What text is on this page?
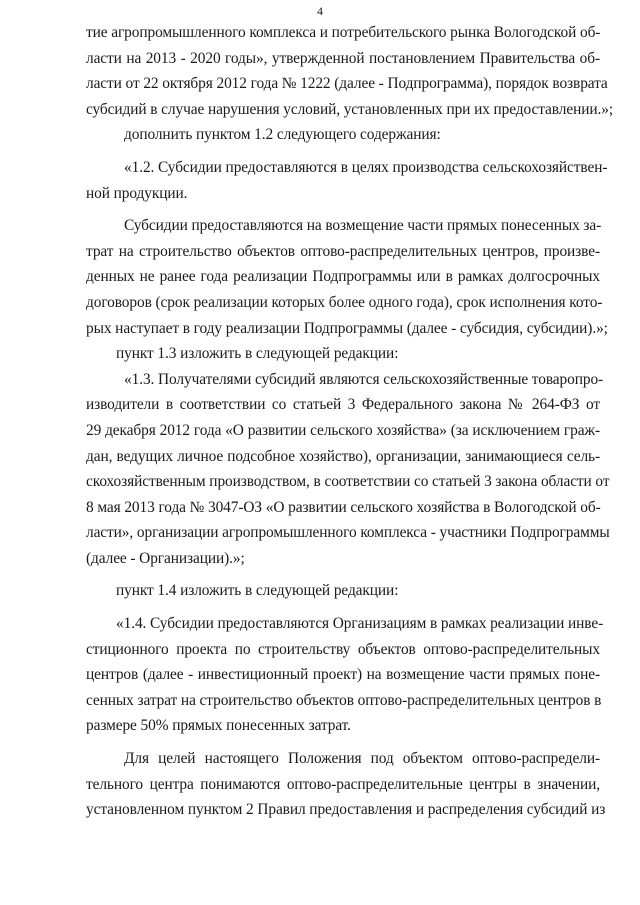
4
тие агропромышленного комплекса и потребительского рынка Вологодской об-
ласти на 2013 - 2020 годы», утвержденной постановлением Правительства об-
ласти от 22 октября 2012 года № 1222 (далее - Подпрограмма), порядок возврата
субсидий в случае нарушения условий, установленных при их предоставлении.»;
дополнить пунктом 1.2 следующего содержания:
«1.2. Субсидии предоставляются в целях производства сельскохозяйствен-
ной продукции.
Субсидии предоставляются на возмещение части прямых понесенных за-
трат на строительство объектов оптово-распределительных центров, произве-
денных не ранее года реализации Подпрограммы или в рамках долгосрочных
договоров (срок реализации которых более одного года), срок исполнения кото-
рых наступает в году реализации Подпрограммы (далее - субсидия, субсидии).»;
пункт 1.3 изложить в следующей редакции:
«1.3. Получателями субсидий являются сельскохозяйственные товаропро-
изводители в соответствии со статьей 3 Федерального закона № 264-ФЗ от
29 декабря 2012 года «О развитии сельского хозяйства» (за исключением граж-
дан, ведущих личное подсобное хозяйство), организации, занимающиеся сель-
скохозяйственным производством, в соответствии со статьей 3 закона области от
8 мая 2013 года № 3047-ОЗ «О развитии сельского хозяйства в Вологодской об-
ласти», организации агропромышленного комплекса - участники Подпрограммы
(далее - Организации).»;
пункт 1.4 изложить в следующей редакции:
«1.4. Субсидии предоставляются Организациям в рамках реализации инве-
стиционного проекта по строительству объектов оптово-распределительных
центров (далее - инвестиционный проект) на возмещение части прямых поне-
сенных затрат на строительство объектов оптово-распределительных центров в
размере 50% прямых понесенных затрат.
Для целей настоящего Положения под объектом оптово-распредели-
тельного центра понимаются оптово-распределительные центры в значении,
установленном пунктом 2 Правил предоставления и распределения субсидий из
